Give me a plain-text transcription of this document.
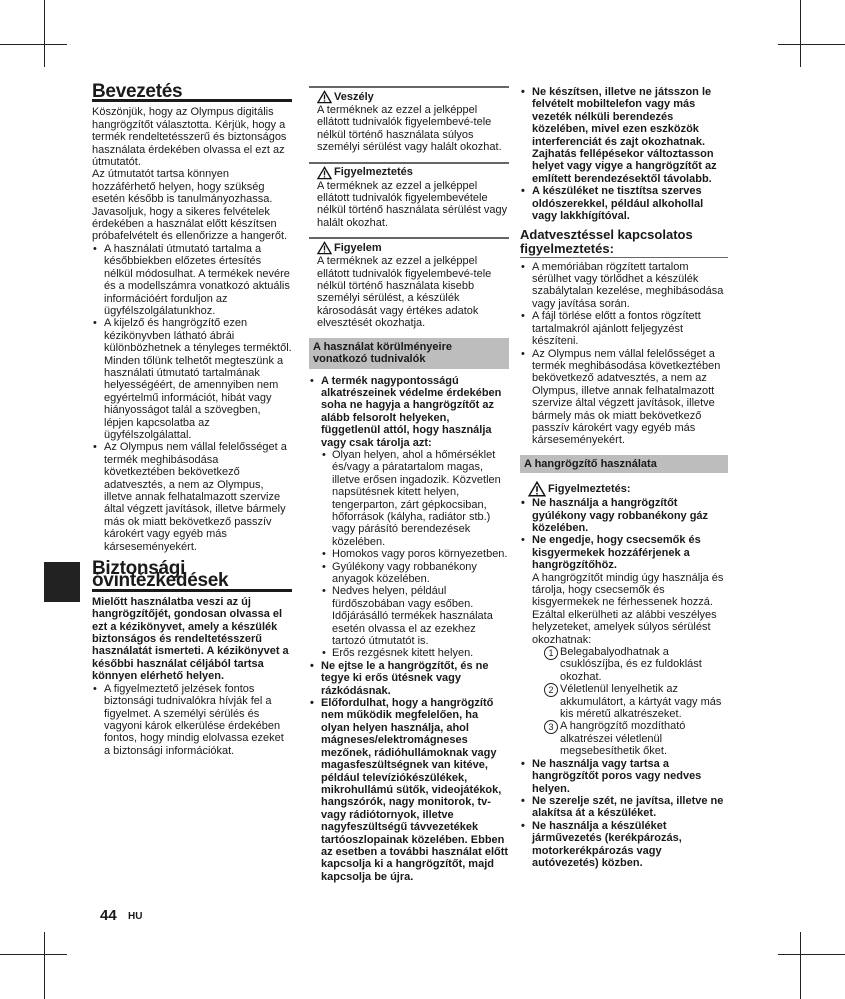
Bevezetés

Köszönjük, hogy az Olympus digitális hangrögzítőt választotta. Kérjük, hogy a termék rendeltetésszerű és biztonságos használata érdekében olvassa el ezt az útmutatót.

Az útmutatót tartsa könnyen hozzáférhető helyen, hogy szükség esetén később is tanulmányozhassa.

Javasoljuk, hogy a sikeres felvételek érdekében a használat előtt készítsen próbafelvételt és ellenőrizze a hangerőt.

• A használati útmutató tartalma a későbbiekben előzetes értesítés nélkül módosulhat. A termékek nevére és a modellszámra vonatkozó aktuális információért forduljon az ügyfélszolgálatunkhoz.
• A kijelző és hangrögzítő ezen kézikönyvben látható ábrái különbözhetnek a tényleges terméktől. Minden tőlünk telhetőt megteszünk a használati útmutató tartalmának helyességéért, de amennyiben nem egyértelmű információt, hibát vagy hiányosságot talál a szövegben, lépjen kapcsolatba az ügyfélszolgálattal.
• Az Olympus nem vállal felelősséget a termék meghibásodása következtében bekövetkező adatvesztés, a nem az Olympus, illetve annak felhatalmazott szervize által végzett javítások, illetve bármely más ok miatt bekövetkező passzív károkért vagy egyéb más kárseseményekért.
Biztonsági óvintézkedések

Mielőtt használatba veszi az új hangrögzítőjét, gondosan olvassa el ezt a kézikönyvet, amely a készülék biztonságos és rendeltetésszerű használatát ismerteti. A kézikönyvet a későbbi használat céljából tartsa könnyen elérhető helyen.

• A figyelmeztető jelzések fontos biztonsági tudnivalókra hívják fel a figyelmet. A személyi sérülés és vagyoni károk elkerülése érdekében fontos, hogy mindig elolvassa ezeket a biztonsági információkat.
Veszély

A terméknek az ezzel a jelképpel ellátott tudnivalók figyelembevé-tele nélkül történő használata súlyos személyi sérülést vagy halált okozhat.

Figyelmeztetés

A terméknek az ezzel a jelképpel ellátott tudnivalók figyelembevétele nélkül történő használata sérülést vagy halált okozhat.

Figyelem

A terméknek az ezzel a jelképpel ellátott tudnivalók figyelembevé-tele nélkül történő használata kisebb személyi sérülést, a készülék károsodását vagy értékes adatok elvesztését okozhatja.

A használat körülményeire vonatkozó tudnivalók

• A termék nagypontosságú alkatrészeinek védelme érdekében soha ne hagyja a hangrögzítőt az alább felsorolt helyeken, függetlenül attól, hogy használja vagy csak tárolja azt:

• Olyan helyen, ahol a hőmérséklet és/vagy a páratartalom magas, illetve erősen ingadozik. Közvetlen napsütésnek kitett helyen, tengerparton, zárt gépkocsiban, hőforrások (kályha, radiátor stb.) vagy párásító berendezések közelében.
• Homokos vagy poros környezetben.
• Gyúlékony vagy robbanékony anyagok közelében.
• Nedves helyen, például fürdőszobában vagy esőben. Időjárásálló termékek használata esetén olvassa el az ezekhez tartozó útmutatót is.
• Erős rezgésnek kitett helyen.
• Ne ejtse le a hangrögzítőt, és ne tegye ki erős ütésnek vagy rázkódásnak.
• Előfordulhat, hogy a hangrögzítő nem működik megfelelően, ha olyan helyen használja, ahol mágneses/elektromágneses mezőnek, rádióhullámoknak vagy magasfeszültségnek van kitéve, például televíziókészülékek, mikrohullámú sütők, videojátékok, hangszórók, nagy monitorok, tv- vagy rádiótornyok, illetve nagyfeszültségű távvezetékek tartóoszlopainak közelében. Ebben az esetben a további használat előtt kapcsolja ki a hangrögzítőt, majd kapcsolja be újra.
• Ne készítsen, illetve ne játsszon le felvételt mobiltelefon vagy más vezeték nélküli berendezés közelében, mivel ezen eszközök interferenciát és zajt okozhatnak. Zajhatás fellépésekor változtasson helyet vagy vigye a hangrögzítőt az említett berendezésektől távolabb.
• A készüléket ne tisztítsa szerves oldószerekkel, például alkohollal vagy lakkhígítóval.
Adatvesztéssel kapcsolatos figyelmeztetés:
• A memóriában rögzített tartalom sérülhet vagy törlődhet a készülék szabálytalan kezelése, meghibásodása vagy javítása során.
• A fájl törlése előtt a fontos rögzített tartalmakról ajánlott feljegyzést készíteni.
• Az Olympus nem vállal felelősséget a termék meghibásodása következtében bekövetkező adatvesztés, a nem az Olympus, illetve annak felhatalmazott szervize által végzett javítások, illetve bármely más ok miatt bekövetkező passzív károkért vagy egyéb más kárseseményekért.
A hangrögzítő használata
Figyelmeztetés:
• Ne használja a hangrögzítőt gyúlékony vagy robbanékony gáz közelében.

• Ne engedje, hogy csecsemők és kisgyermekek hozzáférjenek a hangrögzítőhöz.

A hangrögzítőt mindig úgy használja és tárolja, hogy csecsemők és kisgyermekek ne férhessenek hozzá. Ezáltal elkerülheti az alábbi veszélyes helyzeteket, amelyek súlyos sérülést okozhatnak:

1 Belegabalyodhatnak a csuklószíjba, és ez fuldoklást okozhat.
2 Véletlenül lenyelhetik az akkumulátort, a kártyát vagy más kis méretű alkatrészeket.
3 A hangrögzítő mozdítható alkatrészei véletlenül megsebesíthetik őket.
• Ne használja vagy tartsa a hangrögzítőt poros vagy nedves helyen.
• Ne szerelje szét, ne javítsa, illetve ne alakítsa át a készüléket.
• Ne használja a készüléket járművezetés (kerékpározás, motorkerékpározás vagy autóvezetés) közben.
44 HU
